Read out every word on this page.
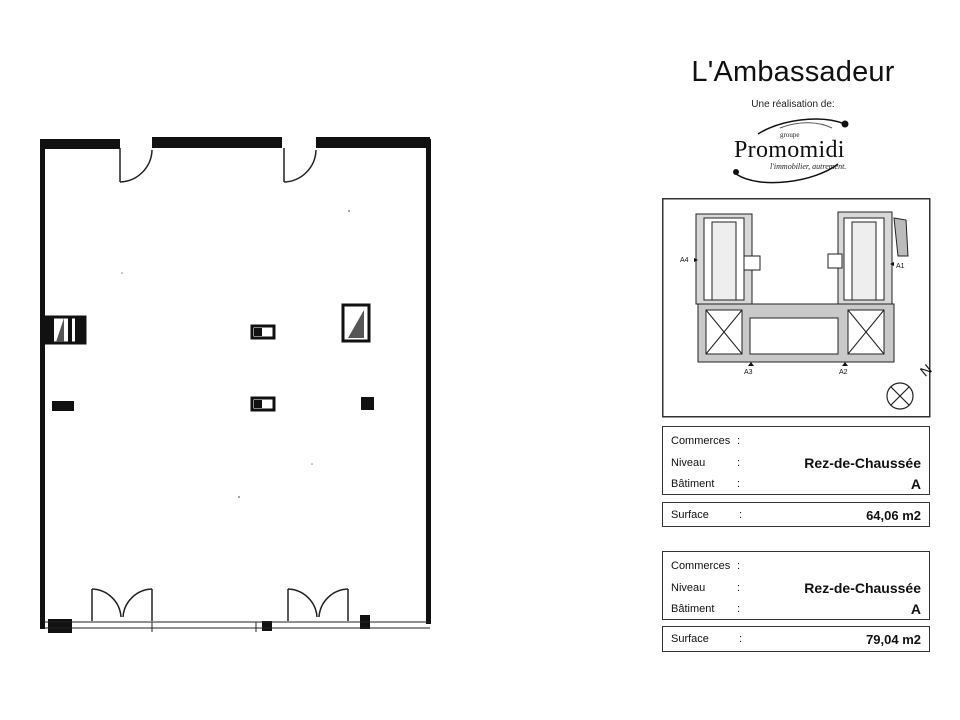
L'Ambassadeur
Une réalisation de:
groupe
Promomidi
l'immobilier, autrement.
A4
A1
A3	A2	N
Commerces :
Niveau	:	Rez-de-Chaussée
Bâtiment :	A
Surface	:	64,06 m2
Commerces :
Niveau	:	Rez-de-Chaussée
Bâtiment :	A
Surface	:	79,04 m2
